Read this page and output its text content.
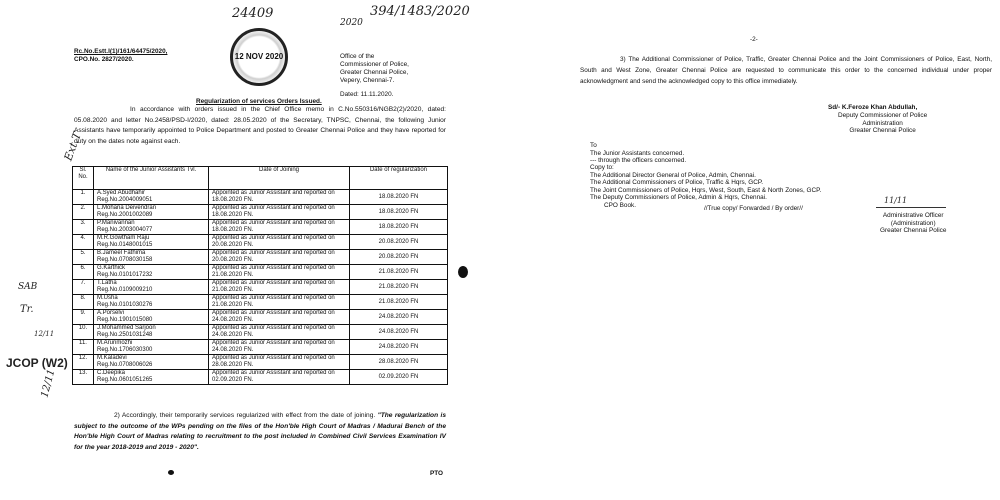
24409	394/1483/2020
2020
Ext.T
SAB
Tr.
12/11
JCOP (W2)
12/11
12 NOV 2020
Rc.No.Estt.I(1)/161/64475/2020,
CPO.No. 2827/2020.	Office of the
Commissioner of Police,
Greater Chennai Police,
Vepery, Chennai-7.
Dated: 11.11.2020.
Regularization of services Orders Issued.
In accordance with orders issued in the Chief Office memo in C.No.550316/NGB2(2)/2020, dated: 05.08.2020 and letter No.2458/PSD-I/2020, dated: 28.05.2020 of the Secretary, TNPSC, Chennai, the following Junior Assistants have temporarily appointed to Police Department and posted to Greater Chennai Police and they have reported for duty on the dates note against each.
Sl. No.	Name of the Junior Assistants Tvl.	Date of Joining	Date of regularization
1.	A.Syed Abudhahir
Reg.No.2004009051	Appointed as Junior Assistant and reported on 18.08.2020 FN.	18.08.2020 FN
2.	L.Mohana Deivendran
Reg.No.2001002089	Appointed as Junior Assistant and reported on 18.08.2020 FN.	18.08.2020 FN
3.	P.Manivannan
Reg.No.2003004077	Appointed as Junior Assistant and reported on 18.08.2020 FN.	18.08.2020 FN
4.	M.R.Gowtham Raju
Reg.No.0148001015	Appointed as Junior Assistant and reported on 20.08.2020 FN.	20.08.2020 FN
5.	B.Jameel Fathima
Reg.No.0708030158	Appointed as Junior Assistant and reported on 20.08.2020 FN.	20.08.2020 FN
6.	G.Karthick
Reg.No.0101017232	Appointed as Junior Assistant and reported on 21.08.2020 FN.	21.08.2020 FN
7.	T.Latha
Reg.No.0109009210	Appointed as Junior Assistant and reported on 21.08.2020 FN.	21.08.2020 FN
8.	M.Usha
Reg.No.0101030276	Appointed as Junior Assistant and reported on 21.08.2020 FN.	21.08.2020 FN
9.	A.Porselvi
Reg.No.1901015080	Appointed as Junior Assistant and reported on 24.08.2020 FN.	24.08.2020 FN
10.	J.Mohammed Sarjoon
Reg.No.2501031248	Appointed as Junior Assistant and reported on 24.08.2020 FN.	24.08.2020 FN
11.	M.Arunmozhi
Reg.No.1706030300	Appointed as Junior Assistant and reported on 24.08.2020 FN.	24.08.2020 FN
12.	M.Kaladevi
Reg.No.0708006026	Appointed as Junior Assistant and reported on 28.08.2020 FN.	28.08.2020 FN
13.	C.Deepika
Reg.No.0601051265	Appointed as Junior Assistant and reported on 02.09.2020 FN.	02.09.2020 FN

2) Accordingly, their temporarily services regularized with effect from the date of joining. "The regularization is subject to the outcome of the WPs pending on the files of the Hon'ble High Court of Madras / Madurai Bench of the Hon'ble High Court of Madras relating to recruitment to the post included in Combined Civil Services Examination IV for the year 2018-2019 and 2019 - 2020".

PTO
-2-
3) The Additional Commissioner of Police, Traffic, Greater Chennai Police and the Joint Commissioners of Police, East, North, South and West Zone, Greater Chennai Police are requested to communicate this order to the concerned individual under proper acknowledgment and send the acknowledged copy to this office immediately.
Sd/- K.Feroze Khan Abdullah,
Deputy Commissioner of Police
Administration
Greater Chennai Police
To
The Junior Assistants concerned.
--- through the officers concerned.
Copy to:
The Additional Director General of Police, Admin, Chennai.
The Additional Commissioners of Police, Traffic & Hqrs, GCP.
The Joint Commissioners of Police, Hqrs, West, South, East & North Zones, GCP.
The Deputy Commissioners of Police, Admin & Hqrs, Chennai.
CPO Book.	//True copy/ Forwarded / By order//
11/11
Administrative Officer
(Administration)
Greater Chennai Police
